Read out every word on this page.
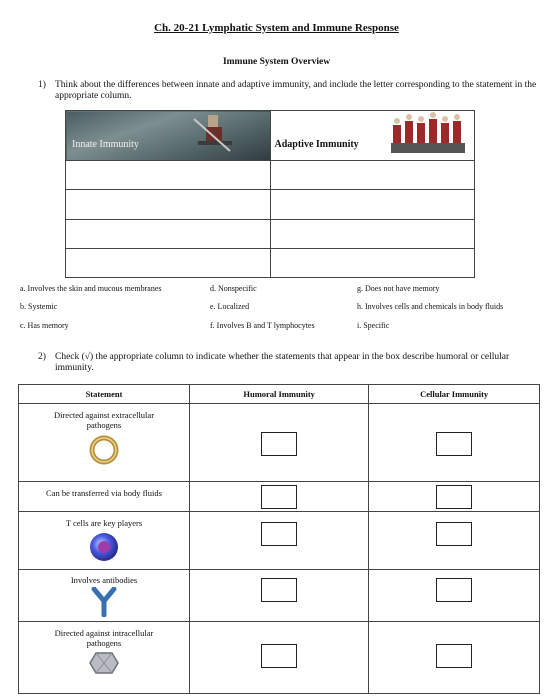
Ch. 20-21 Lymphatic System and Immune Response
Immune System Overview
1) Think about the differences between innate and adaptive immunity, and include the letter corresponding to the statement in the appropriate column.
Innate Immunity	Adaptive Immunity

a. Involves the skin and mucous membranes
b. Systemic
c. Has memory
d. Nonspecific
e. Localized
f. Involves B and T lymphocytes
g. Does not have memory
h. Involves cells and chemicals in body fluids
i. Specific
2) Check (√) the appropriate column to indicate whether the statements that appear in the box describe humoral or cellular immunity.
Statement	Humoral Immunity	Cellular Immunity

Directed against extracellular pathogens		

Can be transferred via body fluids		

T cells are key players		

Involves antibodies		

Directed against intracellular pathogens		
